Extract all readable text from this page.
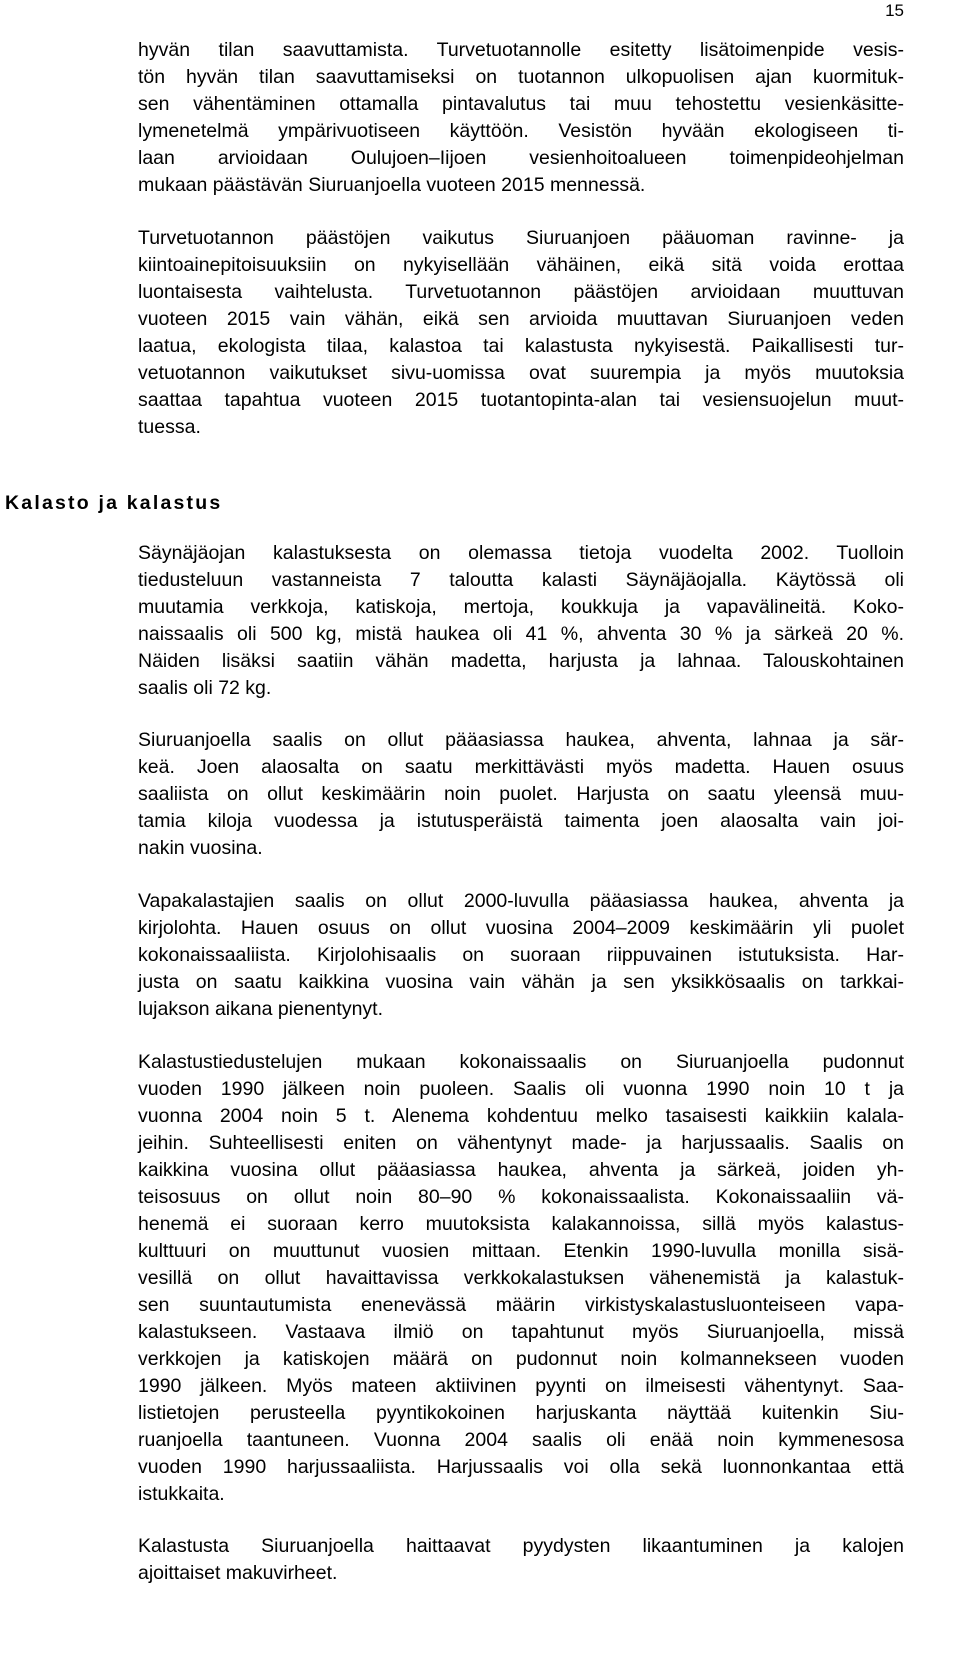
15
hyvän tilan saavuttamista. Turvetuotannolle esitetty lisätoimenpide vesis-
tön hyvän tilan saavuttamiseksi on tuotannon ulkopuolisen ajan kuormituk-
sen vähentäminen ottamalla pintavalutus tai muu tehostettu vesienkäsitte-
lymenetelmä ympärivuotiseen käyttöön. Vesistön hyvään ekologiseen ti-
laan arvioidaan Oulujoen–Iijoen vesienhoitoalueen toimenpideohjelman
mukaan päästävän Siuruanjoella vuoteen 2015 mennessä.
Turvetuotannon päästöjen vaikutus Siuruanjoen pääuoman ravinne- ja
kiintoainepitoisuuksiin on nykyisellään vähäinen, eikä sitä voida erottaa
luontaisesta vaihtelusta. Turvetuotannon päästöjen arvioidaan muuttuvan
vuoteen 2015 vain vähän, eikä sen arvioida muuttavan Siuruanjoen veden
laatua, ekologista tilaa, kalastoa tai kalastusta nykyisestä. Paikallisesti tur-
vetuotannon vaikutukset sivu-uomissa ovat suurempia ja myös muutoksia
saattaa tapahtua vuoteen 2015 tuotantopinta-alan tai vesiensuojelun muut-
tuessa.
Kalasto ja kalastus
Säynäjäojan kalastuksesta on olemassa tietoja vuodelta 2002. Tuolloin
tiedusteluun vastanneista 7 taloutta kalasti Säynäjäojalla. Käytössä oli
muutamia verkkoja, katiskoja, mertoja, koukkuja ja vapavälineitä. Koko-
naissaalis oli 500 kg, mistä haukea oli 41 %, ahventa 30 % ja särkeä 20 %.
Näiden lisäksi saatiin vähän madetta, harjusta ja lahnaa. Talouskohtainen
saalis oli 72 kg.
Siuruanjoella saalis on ollut pääasiassa haukea, ahventa, lahnaa ja sär-
keä. Joen alaosalta on saatu merkittävästi myös madetta. Hauen osuus
saaliista on ollut keskimäärin noin puolet. Harjusta on saatu yleensä muu-
tamia kiloja vuodessa ja istutusperäistä taimenta joen alaosalta vain joi-
nakin vuosina.
Vapakalastajien saalis on ollut 2000-luvulla pääasiassa haukea, ahventa ja
kirjolohta. Hauen osuus on ollut vuosina 2004–2009 keskimäärin yli puolet
kokonaissaaliista. Kirjolohisaalis on suoraan riippuvainen istutuksista. Har-
justa on saatu kaikkina vuosina vain vähän ja sen yksikkösaalis on tarkkai-
lujakson aikana pienentynyt.
Kalastustiedustelujen mukaan kokonaissaalis on Siuruanjoella pudonnut
vuoden 1990 jälkeen noin puoleen. Saalis oli vuonna 1990 noin 10 t ja
vuonna 2004 noin 5 t. Alenema kohdentuu melko tasaisesti kaikkiin kalala-
jeihin. Suhteellisesti eniten on vähentynyt made- ja harjussaalis. Saalis on
kaikkina vuosina ollut pääasiassa haukea, ahventa ja särkeä, joiden yh-
teisosuus on ollut noin 80–90 % kokonaissaalista. Kokonaissaaliin vä-
henemä ei suoraan kerro muutoksista kalakannoissa, sillä myös kalastus-
kulttuuri on muuttunut vuosien mittaan. Etenkin 1990-luvulla monilla sisä-
vesillä on ollut havaittavissa verkkokalastuksen vähenemistä ja kalastuk-
sen suuntautumista enenevässä määrin virkistyskalastusluonteiseen vapa-
kalastukseen. Vastaava ilmiö on tapahtunut myös Siuruanjoella, missä
verkkojen ja katiskojen määrä on pudonnut noin kolmannekseen vuoden
1990 jälkeen. Myös mateen aktiivinen pyynti on ilmeisesti vähentynyt. Saa-
listietojen perusteella pyyntikokoinen harjuskanta näyttää kuitenkin Siu-
ruanjoella taantuneen. Vuonna 2004 saalis oli enää noin kymmenesosa
vuoden 1990 harjussaaliista. Harjussaalis voi olla sekä luonnonkantaa että
istukkaita.
Kalastusta Siuruanjoella haittaavat pyydysten likaantuminen ja kalojen
ajoittaiset makuvirheet.
